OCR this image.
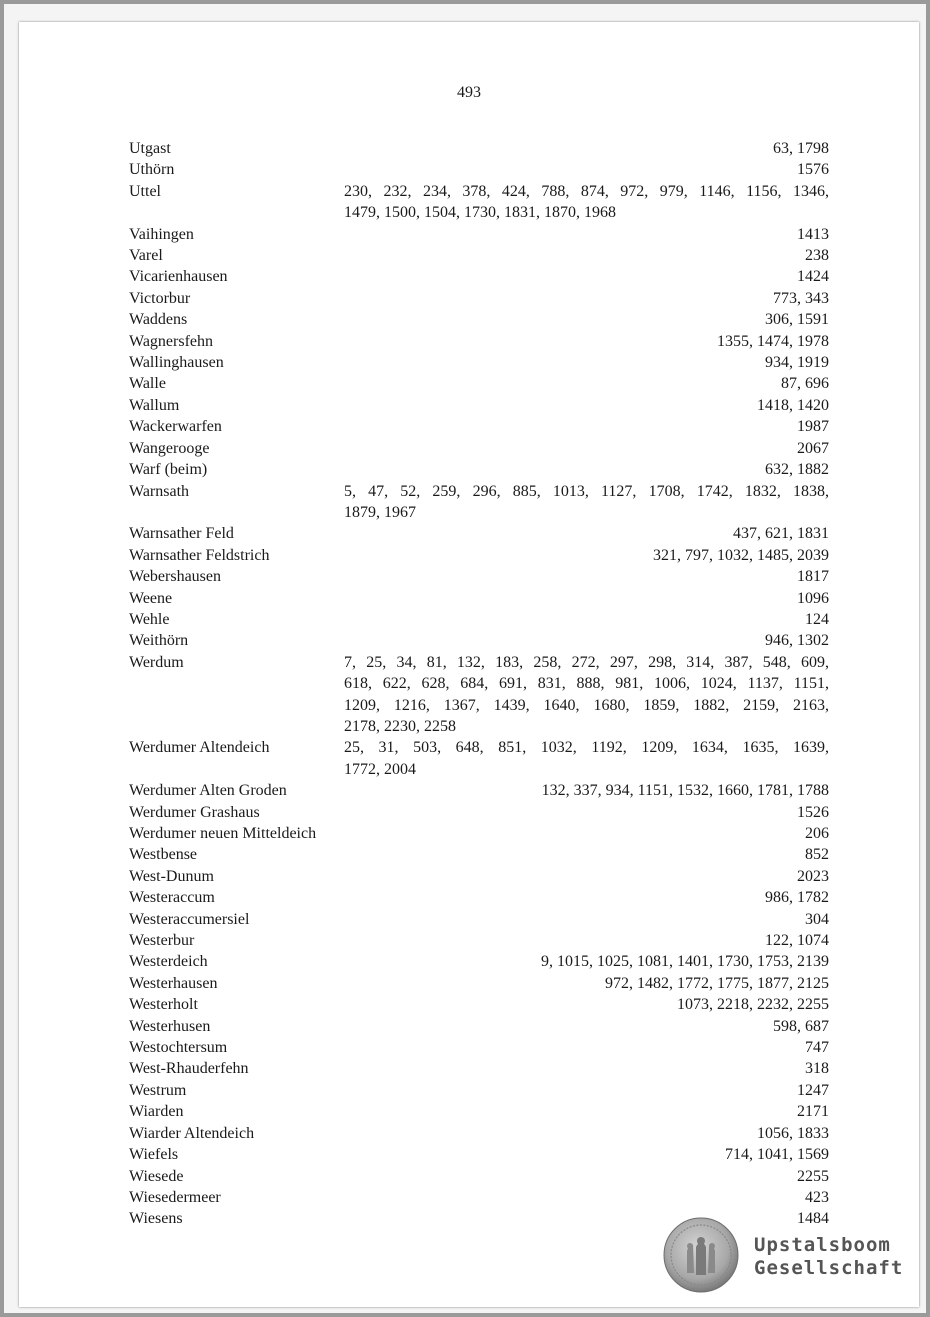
493
Utgast	63, 1798
Uthörn	1576
Uttel	230, 232, 234, 378, 424, 788, 874, 972, 979, 1146, 1156, 1346,
1479, 1500, 1504, 1730, 1831, 1870, 1968
Vaihingen	1413
Varel	238
Vicarienhausen	1424
Victorbur	773, 343
Waddens	306, 1591
Wagnersfehn	1355, 1474, 1978
Wallinghausen	934, 1919
Walle	87, 696
Wallum	1418, 1420
Wackerwarfen	1987
Wangerooge	2067
Warf (beim)	632, 1882
Warnsath	5, 47, 52, 259, 296, 885, 1013, 1127, 1708, 1742, 1832, 1838,
1879, 1967
Warnsather Feld	437, 621, 1831
Warnsather Feldstrich	321, 797, 1032, 1485, 2039
Webershausen	1817
Weene	1096
Wehle	124
Weithörn	946, 1302
Werdum	7, 25, 34, 81, 132, 183, 258, 272, 297, 298, 314, 387, 548, 609,
618, 622, 628, 684, 691, 831, 888, 981, 1006, 1024, 1137, 1151,
1209, 1216, 1367, 1439, 1640, 1680, 1859, 1882, 2159, 2163,
2178, 2230, 2258
Werdumer Altendeich	25, 31, 503, 648, 851, 1032, 1192, 1209, 1634, 1635, 1639,
1772, 2004
Werdumer Alten Groden	132, 337, 934, 1151, 1532, 1660, 1781, 1788
Werdumer Grashaus	1526
Werdumer neuen Mitteldeich	206
Westbense	852
West-Dunum	2023
Westeraccum	986, 1782
Westeraccumersiel	304
Westerbur	122, 1074
Westerdeich	9, 1015, 1025, 1081, 1401, 1730, 1753, 2139
Westerhausen	972, 1482, 1772, 1775, 1877, 2125
Westerholt	1073, 2218, 2232, 2255
Westerhusen	598, 687
Westochtersum	747
West-Rhauderfehn	318
Westrum	1247
Wiarden	2171
Wiarder Altendeich	1056, 1833
Wiefels	714, 1041, 1569
Wiesede	2255
Wiesedermeer	423
Wiesens	1484
Upstalsboom
Gesellschaft
